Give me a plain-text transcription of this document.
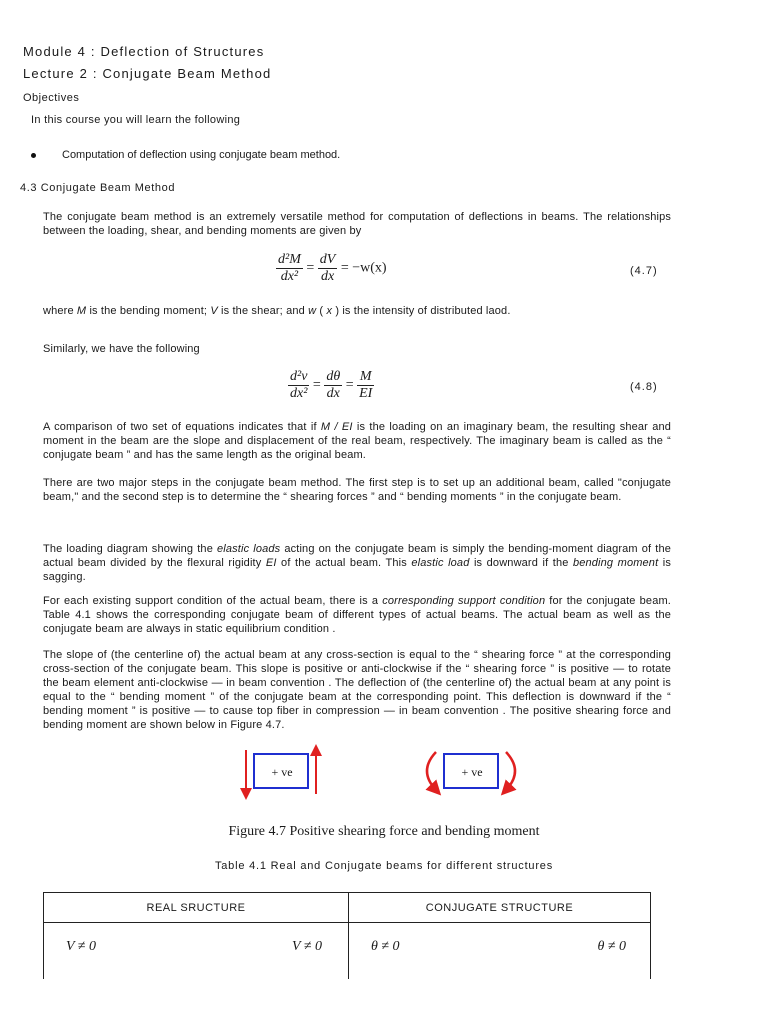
Module 4 : Deflection of Structures
Lecture 2 : Conjugate Beam Method
Objectives
In this course you will learn the following
Computation of deflection using conjugate beam method.
4.3 Conjugate Beam Method

The conjugate beam method is an extremely versatile method for computation of deflections in beams. The relationships between the loading, shear, and bending moments are given by

$\frac{\text{d²M}}{\text{dx²}} = \frac{dV}{dx} = -w(x)$	(4.7)

where M is the bending moment; V is the shear; and w ( x ) is the intensity of distributed laod.

Similarly, we have the following

$\frac{\text{d²v}}{\text{dx²}} = \frac{d\theta}{dx} = \frac{M}{EI}$	(4.8)

A comparison of two set of equations indicates that if M / EI is the loading on an imaginary beam, the resulting shear and moment in the beam are the slope and displacement of the real beam, respectively. The imaginary beam is called as the “ conjugate beam ” and has the same length as the original beam.

There are two major steps in the conjugate beam method. The first step is to set up an additional beam, called "conjugate beam," and the second step is to determine the “ shearing forces ” and “ bending moments ” in the conjugate beam.

The loading diagram showing the elastic loads acting on the conjugate beam is simply the bending-moment diagram of the actual beam divided by the flexural rigidity EI of the actual beam. This elastic load is downward if the bending moment is sagging.

For each existing support condition of the actual beam, there is a corresponding support condition for the conjugate beam. Table 4.1 shows the corresponding conjugate beam of different types of actual beams. The actual beam as well as the conjugate beam are always in static equilibrium condition .

The slope of (the centerline of) the actual beam at any cross-section is equal to the “ shearing force ” at the corresponding cross-section of the conjugate beam. This slope is positive or anti-clockwise if the “ shearing force ” is positive — to rotate the beam element anti-clockwise — in beam convention . The deflection of (the centerline of) the actual beam at any point is equal to the “ bending moment ” of the conjugate beam at the corresponding point. This deflection is downward if the “ bending moment ” is positive — to cause top fiber in compression — in beam convention . The positive shearing force and bending moment are shown below in Figure 4.7.

+ ve	+ ve
Figure 4.7 Positive shearing force and bending moment
Table 4.1 Real and Conjugate beams for different structures
REAL SRUCTURE	CONJUGATE STRUCTURE

V ≠ 0 V ≠ 0	θ ≠ 0 θ ≠ 0
